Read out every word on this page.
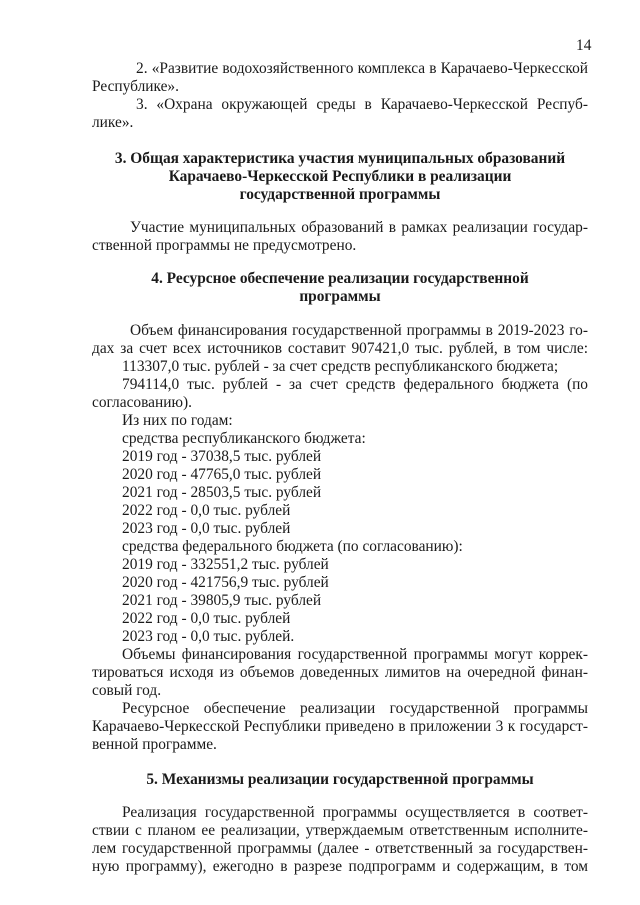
14
2. «Развитие водохозяйственного комплекса в Карачаево-Черкесской
Республике».
3. «Охрана окружающей среды в Карачаево-Черкесской Респуб-
лике».
3. Общая характеристика участия муниципальных образований
Карачаево-Черкесской Республики в реализации
государственной программы
Участие муниципальных образований в рамках реализации государ-
ственной программы не предусмотрено.
4. Ресурсное обеспечение реализации государственной
программы
Объем финансирования государственной программы в 2019-2023 го-
дах за счет всех источников составит 907421,0 тыс. рублей, в том числе:
113307,0 тыс. рублей - за счет средств республиканского бюджета;
794114,0 тыс. рублей - за счет средств федерального бюджета (по
согласованию).
Из них по годам:
средства республиканского бюджета:
2019 год - 37038,5 тыс. рублей
2020 год - 47765,0 тыс. рублей
2021 год - 28503,5 тыс. рублей
2022 год - 0,0 тыс. рублей
2023 год - 0,0 тыс. рублей
средства федерального бюджета (по согласованию):
2019 год - 332551,2 тыс. рублей
2020 год - 421756,9 тыс. рублей
2021 год - 39805,9 тыс. рублей
2022 год - 0,0 тыс. рублей
2023 год - 0,0 тыс. рублей.
Объемы финансирования государственной программы могут коррек-
тироваться исходя из объемов доведенных лимитов на очередной финан-
совый год.
Ресурсное обеспечение реализации государственной программы
Карачаево-Черкесской Республики приведено в приложении 3 к государст-
венной программе.
5. Механизмы реализации государственной программы
Реализация государственной программы осуществляется в соответ-
ствии с планом ее реализации, утверждаемым ответственным исполните-
лем государственной программы (далее - ответственный за государствен-
ную программу), ежегодно в разрезе подпрограмм и содержащим, в том
